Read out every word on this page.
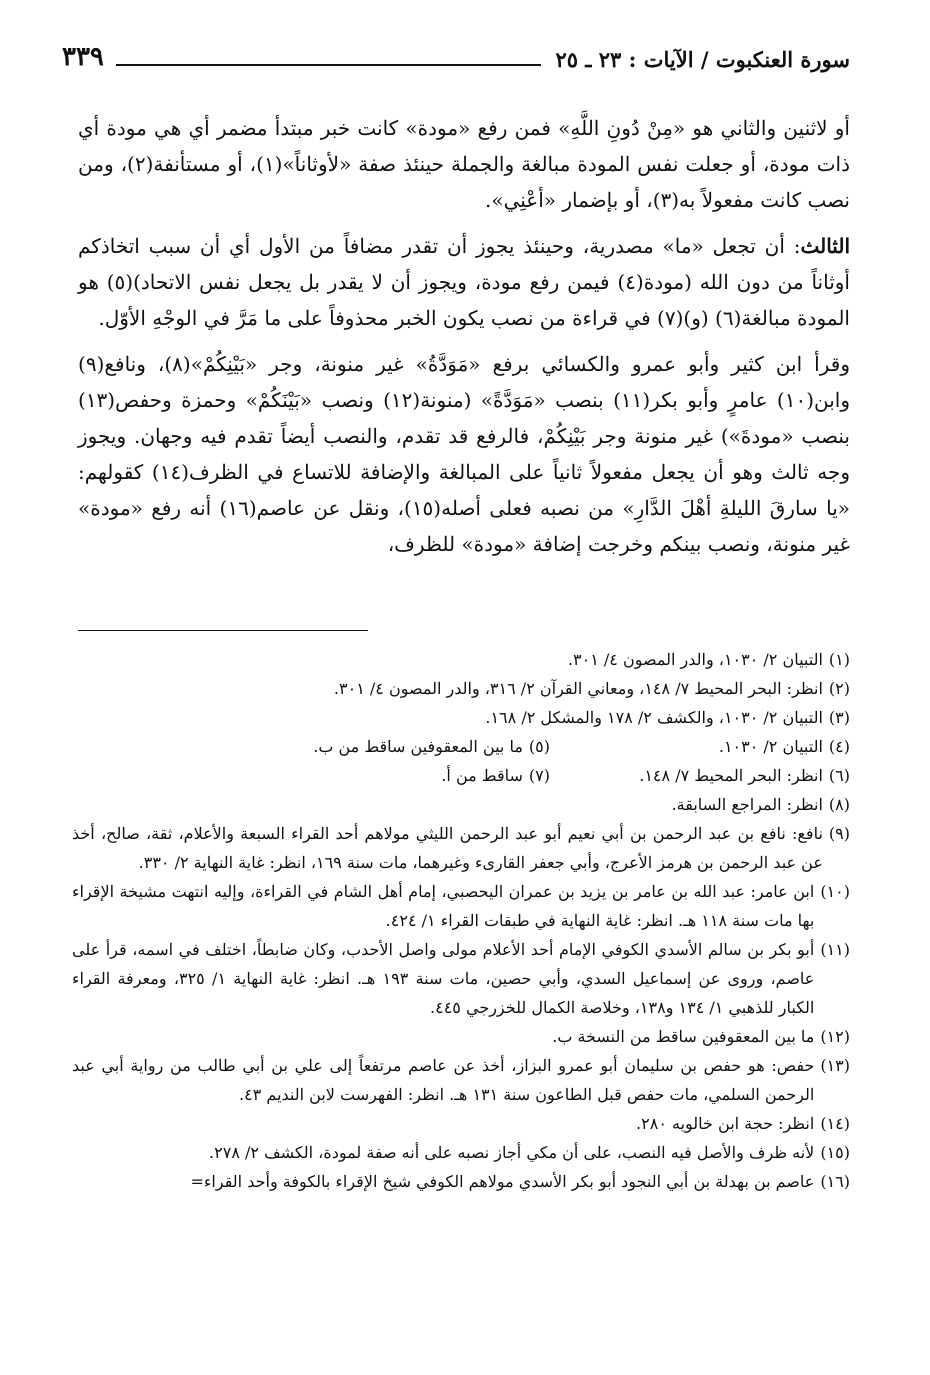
سورة العنكبوت / الآيات : ٢٣ ـ ٢٥
٣٣٩

أو لاثنين والثاني هو «مِنْ دُونِ اللَّهِ» فمن رفع «مودة» كانت خبر مبتدأ مضمر أي هي مودة أي ذات مودة، أو جعلت نفس المودة مبالغة والجملة حينئذ صفة «لأوثاناً»(١)، أو مستأنفة(٢)، ومن نصب كانت مفعولاً به(٣)، أو بإضمار «أعْنِي».

الثالث: أن تجعل «ما» مصدرية، وحينئذ يجوز أن تقدر مضافاً من الأول أي أن سبب اتخاذكم أوثاناً من دون الله (مودة(٤) فيمن رفع مودة، ويجوز أن لا يقدر بل يجعل نفس الاتحاد)(٥) هو المودة مبالغة(٦) (و)(٧) في قراءة من نصب يكون الخبر محذوفاً على ما مَرَّ في الوجْهِ الأوّل.

وقرأ ابن كثير وأبو عمرو والكسائي برفع «مَوَدَّةُ» غير منونة، وجر «بَيْنِكُمْ»(٨)، ونافع(٩) وابن(١٠) عامرٍ وأبو بكر(١١) بنصب «مَوَدَّةً» (منونة(١٢) ونصب «بَيْنَكُمْ» وحمزة وحفص(١٣) بنصب «مودةَ») غير منونة وجر بَيْنِكُمْ، فالرفع قد تقدم، والنصب أيضاً تقدم فيه وجهان. ويجوز وجه ثالث وهو أن يجعل مفعولاً ثانياً على المبالغة والإضافة للاتساع في الظرف(١٤) كقولهم: «يا سارقَ الليلةِ أهْلَ الدَّارِ» من نصبه فعلى أصله(١٥)، ونقل عن عاصم(١٦) أنه رفع «مودة» غير منونة، ونصب بينكم وخرجت إضافة «مودة» للظرف،

(١)
التبيان ٢/ ١٠٣٠، والدر المصون ٤/ ٣٠١.
(٢)
انظر: البحر المحيط ٧/ ١٤٨، ومعاني القرآن ٢/ ٣١٦، والدر المصون ٤/ ٣٠١.
(٣)
التبيان ٢/ ١٠٣٠، والكشف ٢/ ١٧٨ والمشكل ٢/ ١٦٨.
(٤)
التبيان ٢/ ١٠٣٠.
(٥)
ما بين المعقوفين ساقط من ب.
(٦)
انظر: البحر المحيط ٧/ ١٤٨.
(٧)
ساقط من أ.
(٨)
انظر: المراجع السابقة.
(٩)
نافع: نافع بن عبد الرحمن بن أبي نعيم أبو عبد الرحمن الليثي مولاهم أحد القراء السبعة والأعلام، ثقة، صالح، أخذ عن عبد الرحمن بن هرمز الأعرج، وأبي جعفر القارىء وغيرهما، مات سنة ١٦٩، انظر: غاية النهاية ٢/ ٣٣٠.
(١٠)
ابن عامر: عبد الله بن عامر بن يزيد بن عمران اليحصبي، إمام أهل الشام في القراءة، وإليه انتهت مشيخة الإقراء بها مات سنة ١١٨ هـ. انظر: غاية النهاية في طبقات القراء ١/ ٤٢٤.
(١١)
أبو بكر بن سالم الأسدي الكوفي الإمام أحد الأعلام مولى واصل الأحدب، وكان ضابطاً، اختلف في اسمه، قرأ على عاصم، وروى عن إسماعيل السدي، وأبي حصين، مات سنة ١٩٣ هـ. انظر: غاية النهاية ١/ ٣٢٥، ومعرفة القراء الكبار للذهبي ١/ ١٣٤ و١٣٨، وخلاصة الكمال للخزرجي ٤٤٥.
(١٢)
ما بين المعقوفين ساقط من النسخة ب.
(١٣)
حفص: هو حفص بن سليمان أبو عمرو البزاز، أخذ عن عاصم مرتفعاً إلى علي بن أبي طالب من رواية أبي عبد الرحمن السلمي، مات حفص قبل الطاعون سنة ١٣١ هـ. انظر: الفهرست لابن النديم ٤٣.
(١٤)
انظر: حجة ابن خالويه ٢٨٠.
(١٥)
لأنه ظرف والأصل فيه النصب، على أن مكي أجاز نصبه على أنه صفة لمودة، الكشف ٢/ ٢٧٨.
(١٦)
عاصم بن بهدلة بن أبي النجود أبو بكر الأسدي مولاهم الكوفي شيخ الإقراء بالكوفة وأحد القراء=
